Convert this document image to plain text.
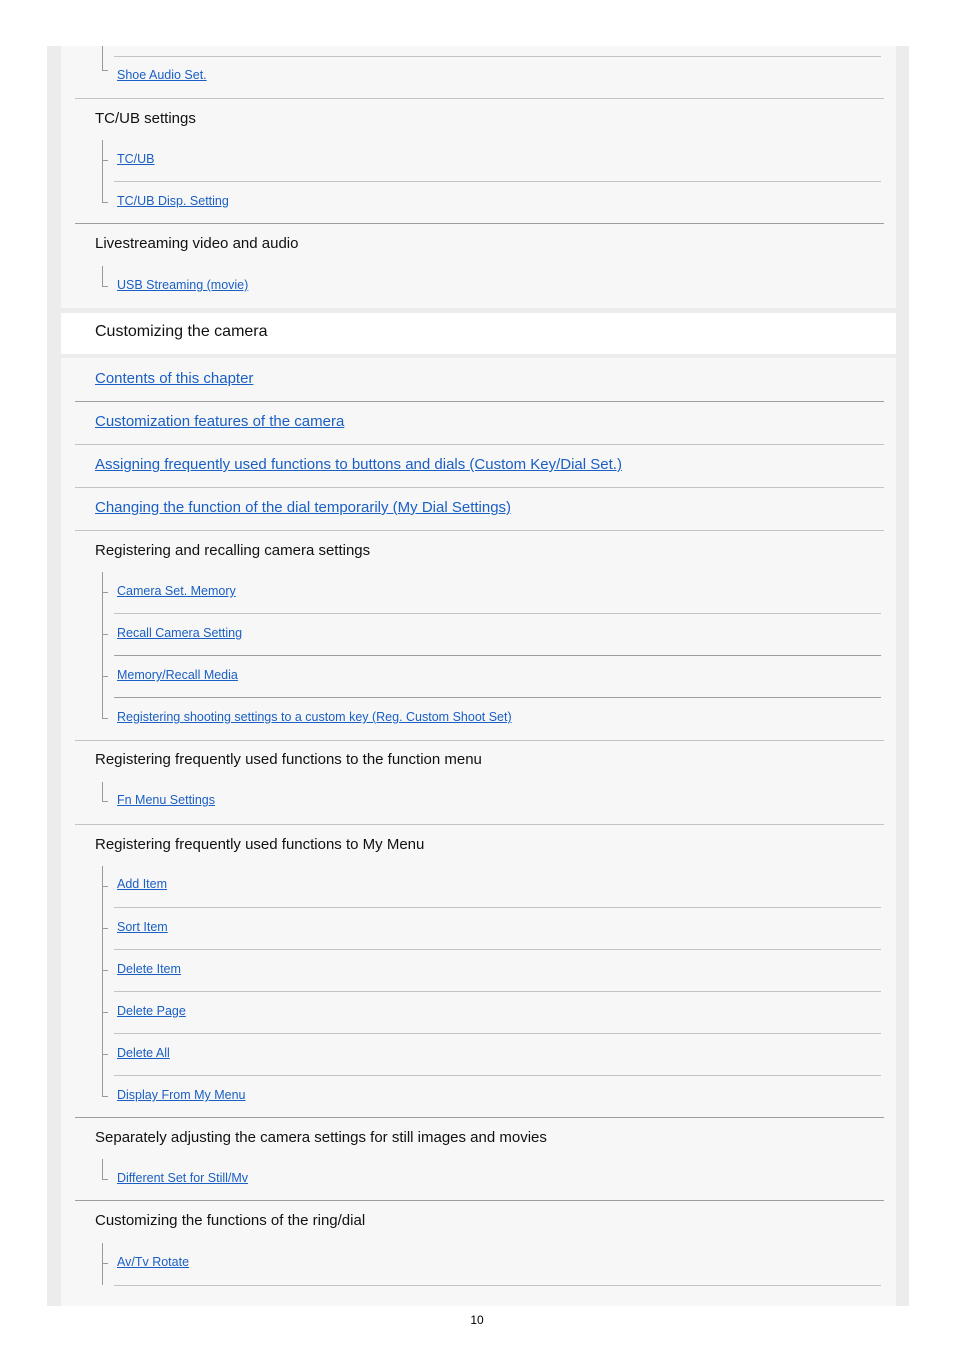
Shoe Audio Set.
TC/UB settings
TC/UB
TC/UB Disp. Setting
Livestreaming video and audio
USB Streaming (movie)
Customizing the camera
Contents of this chapter
Customization features of the camera
Assigning frequently used functions to buttons and dials (Custom Key/Dial Set.)
Changing the function of the dial temporarily (My Dial Settings)
Registering and recalling camera settings
Camera Set. Memory
Recall Camera Setting
Memory/Recall Media
Registering shooting settings to a custom key (Reg. Custom Shoot Set)
Registering frequently used functions to the function menu
Fn Menu Settings
Registering frequently used functions to My Menu
Add Item
Sort Item
Delete Item
Delete Page
Delete All
Display From My Menu
Separately adjusting the camera settings for still images and movies
Different Set for Still/Mv
Customizing the functions of the ring/dial
Av/Tv Rotate
10
